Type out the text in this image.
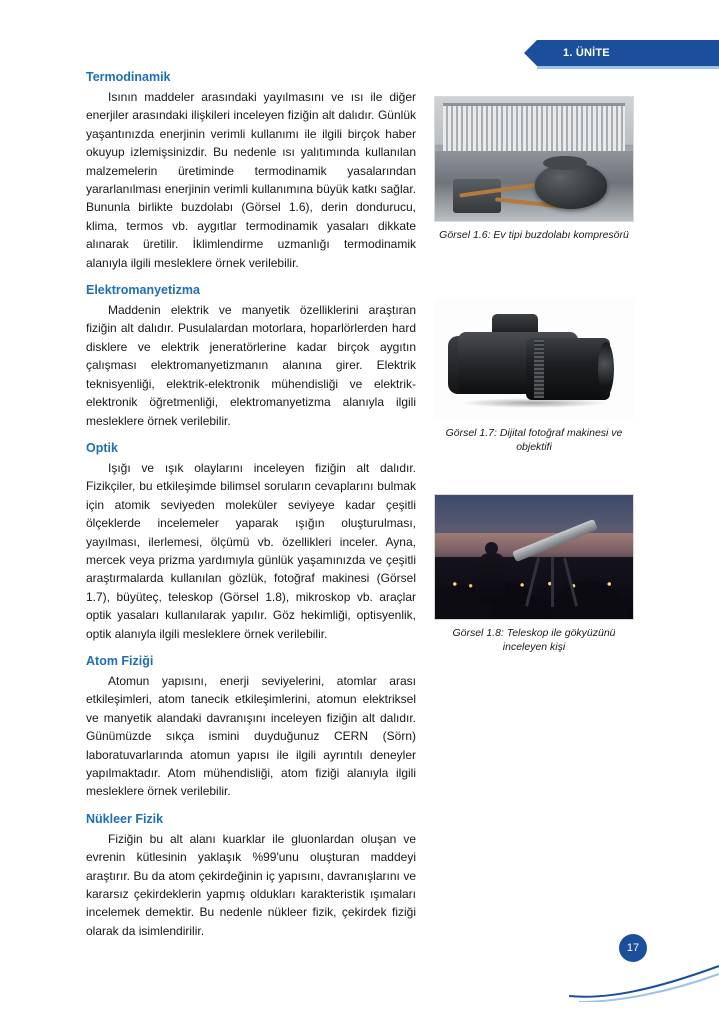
1. ÜNİTE
Termodinamik

Isının maddeler arasındaki yayılmasını ve ısı ile diğer enerjiler arasındaki ilişkileri inceleyen fiziğin alt dalıdır. Günlük yaşantınızda enerjinin verimli kullanımı ile ilgili birçok haber okuyup izlemişsinizdir. Bu nedenle ısı yalıtımında kullanılan malzemelerin üretiminde termodinamik yasalarından yararlanılması enerjinin verimli kullanımına büyük katkı sağlar. Bununla birlikte buzdolabı (Görsel 1.6), derin dondurucu, klima, termos vb. aygıtlar termodinamik yasaları dikkate alınarak üretilir. İklimlendirme uzmanlığı termodinamik alanıyla ilgili mesleklere örnek verilebilir.

Elektromanyetizma

Maddenin elektrik ve manyetik özelliklerini araştıran fiziğin alt dalıdır. Pusulalardan motorlara, hoparlörlerden hard disklere ve elektrik jeneratörlerine kadar birçok aygıtın çalışması elektromanyetizmanın alanına girer. Elektrik teknisyenliği, elektrik-elektronik mühendisliği ve elektrik-elektronik öğretmenliği, elektromanyetizma alanıyla ilgili mesleklere örnek verilebilir.

Optik

Işığı ve ışık olaylarını inceleyen fiziğin alt dalıdır. Fizikçiler, bu etkileşimde bilimsel soruların cevaplarını bulmak için atomik seviyeden moleküler seviyeye kadar çeşitli ölçeklerde incelemeler yaparak ışığın oluşturulması, yayılması, ilerlemesi, ölçümü vb. özellikleri inceler. Ayna, mercek veya prizma yardımıyla günlük yaşamınızda ve çeşitli araştırmalarda kullanılan gözlük, fotoğraf makinesi (Görsel 1.7), büyüteç, teleskop (Görsel 1.8), mikroskop vb. araçlar optik yasaları kullanılarak yapılır. Göz hekimliği, optisyenlik, optik alanıyla ilgili mesleklere örnek verilebilir.

Atom Fiziği

Atomun yapısını, enerji seviyelerini, atomlar arası etkileşimleri, atom tanecik etkileşimlerini, atomun elektriksel ve manyetik alandaki davranışını inceleyen fiziğin alt dalıdır. Günümüzde sıkça ismini duyduğunuz CERN (Sörn) laboratuvarlarında atomun yapısı ile ilgili ayrıntılı deneyler yapılmaktadır. Atom mühendisliği, atom fiziği alanıyla ilgili mesleklere örnek verilebilir.

Nükleer Fizik

Fiziğin bu alt alanı kuarklar ile gluonlardan oluşan ve evrenin kütlesinin yaklaşık %99'unu oluşturan maddeyi araştırır. Bu da atom çekirdeğinin iç yapısını, davranışlarını ve kararsız çekirdeklerin yapmış oldukları karakteristik ışımaları incelemek demektir. Bu nedenle nükleer fizik, çekirdek fiziği olarak da isimlendirilir.

Görsel 1.6: Ev tipi buzdolabı kompresörü
Görsel 1.7: Dijital fotoğraf makinesi ve objektifi
Görsel 1.8: Teleskop ile gökyüzünü inceleyen kişi
17
